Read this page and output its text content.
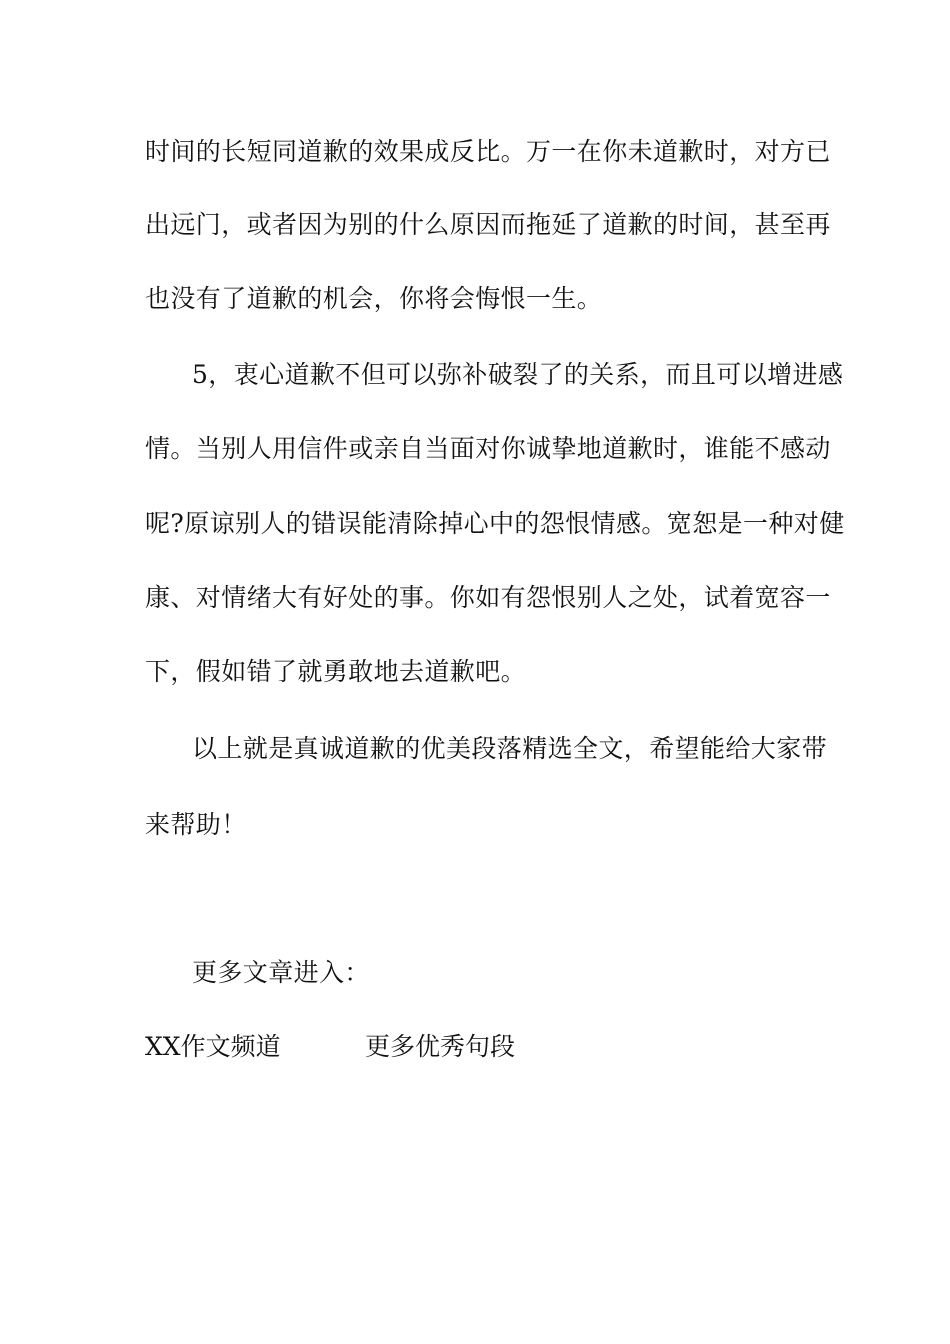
时间的长短同道歉的效果成反比。万一在你未道歉时，对方已
出远门，或者因为别的什么原因而拖延了道歉的时间，甚至再
也没有了道歉的机会，你将会悔恨一生。
5，衷心道歉不但可以弥补破裂了的关系，而且可以增进感
情。当别人用信件或亲自当面对你诚挚地道歉时，谁能不感动
呢?原谅别人的错误能清除掉心中的怨恨情感。宽恕是一种对健
康、对情绪大有好处的事。你如有怨恨别人之处，试着宽容一
下，假如错了就勇敢地去道歉吧。
以上就是真诚道歉的优美段落精选全文，希望能给大家带
来帮助！
更多文章进入：
XX作文频道	更多优秀句段
